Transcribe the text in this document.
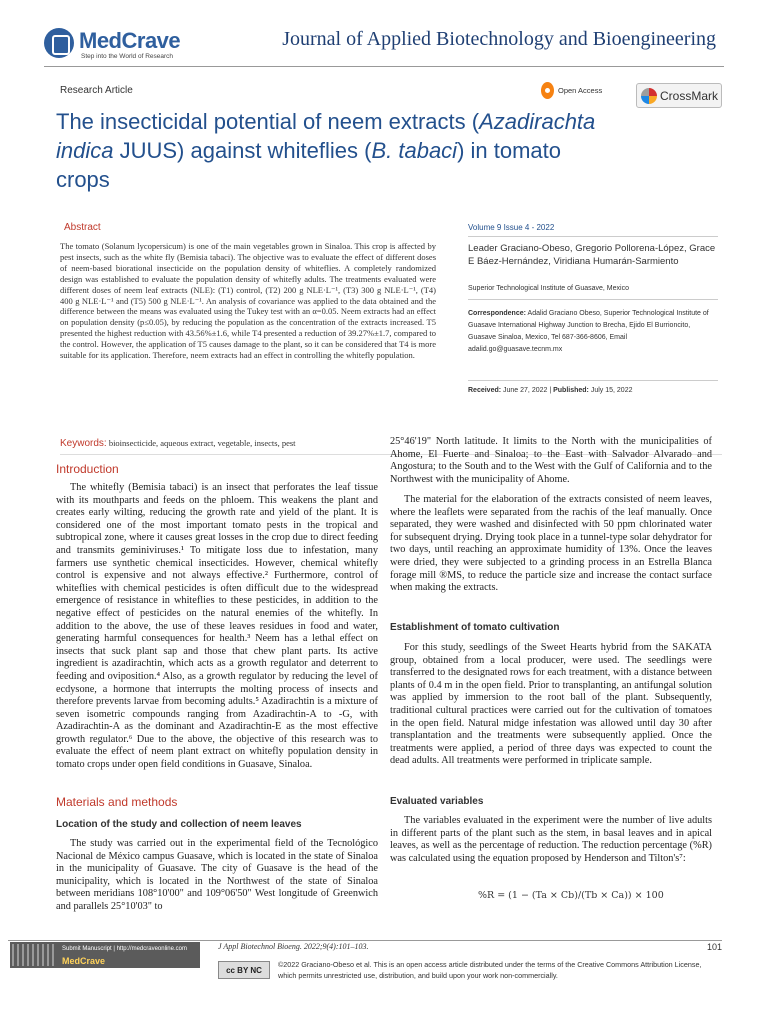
MedCrave
Step into the World of Research
Journal of Applied Biotechnology and Bioengineering
Research Article	Open Access	CrossMark
The insecticidal potential of neem extracts (Azadirachta indica JUUS) against whiteflies (B. tabaci) in tomato crops
Abstract
The tomato (Solanum lycopersicum) is one of the main vegetables grown in Sinaloa. This crop is affected by pest insects, such as the white fly (Bemisia tabaci). The objective was to evaluate the effect of different doses of neem-based biorational insecticide on the population density of whiteflies. A completely randomized design was established to evaluate the population density of whitefly adults. The treatments evaluated were different doses of neem leaf extracts (NLE): (T1) control, (T2) 200 g NLE·L⁻¹, (T3) 300 g NLE·L⁻¹, (T4) 400 g NLE·L⁻¹ and (T5) 500 g NLE·L⁻¹. An analysis of covariance was applied to the data obtained and the difference between the means was evaluated using the Tukey test with an α=0.05. Neem extracts had an effect on population density (p≤0.05), by reducing the population as the concentration of the extracts increased. T5 presented the highest reduction with 43.56%±1.6, while T4 presented a reduction of 39.27%±1.7, compared to the control. However, the application of T5 causes damage to the plant, so it can be considered that T4 is more suitable for its application. Therefore, neem extracts had an effect in controlling the whitefly population.
Keywords: bioinsecticide, aqueous extract, vegetable, insects, pest
Volume 9 Issue 4 - 2022
Leader Graciano-Obeso, Gregorio Pollorena-López, Grace E Báez-Hernández, Viridiana Humarán-Sarmiento
Superior Technological Institute of Guasave, Mexico
Correspondence: Adalid Graciano Obeso, Superior Technological Institute of Guasave International Highway Junction to Brecha, Ejido El Burrioncito, Guasave Sinaloa, Mexico, Tel 687-366-8606, Email adalid.go@guasave.tecnm.mx
Received: June 27, 2022 | Published: July 15, 2022
Introduction

The whitefly (Bemisia tabaci) is an insect that perforates the leaf tissue with its mouthparts and feeds on the phloem. This weakens the plant and creates early wilting, reducing the growth rate and yield of the plant. It is considered one of the most important tomato pests in the tropical and subtropical zone, where it causes great losses in the crop due to direct feeding and transmits geminiviruses.¹ To mitigate loss due to infestation, many farmers use synthetic chemical insecticides. However, chemical whitefly control is expensive and not always effective.² Furthermore, control of whiteflies with chemical pesticides is often difficult due to the widespread emergence of resistance in whiteflies to these pesticides, in addition to the negative effect of pesticides on the natural enemies of the whitefly. In addition to the above, the use of these leaves residues in food and water, generating harmful consequences for health.³ Neem has a lethal effect on insects that suck plant sap and those that chew plant parts. Its active ingredient is azadirachtin, which acts as a growth regulator and deterrent to feeding and oviposition.⁴ Also, as a growth regulator by reducing the level of ecdysone, a hormone that interrupts the molting process of insects and therefore prevents larvae from becoming adults.⁵ Azadirachtin is a mixture of seven isometric compounds ranging from Azadirachtin-A to -G, with Azadirachtin-A as the dominant and Azadirachtin-E as the most effective growth regulator.⁶ Due to the above, the objective of this research was to evaluate the effect of neem plant extract on whitefly population density in tomato crops under open field conditions in Guasave, Sinaloa.

Materials and methods
Location of the study and collection of neem leaves

The study was carried out in the experimental field of the Tecnológico Nacional de México campus Guasave, which is located in the state of Sinaloa in the municipality of Guasave. The city of Guasave is the head of the municipality, which is located in the Northwest of the state of Sinaloa between meridians 108°10'00" and 109°06'50" West longitude of Greenwich and parallels 25°10'03" to

25°46'19" North latitude. It limits to the North with the municipalities of Ahome, El Fuerte and Sinaloa; to the East with Salvador Alvarado and Angostura; to the South and to the West with the Gulf of California and to the Northwest with the municipality of Ahome.

The material for the elaboration of the extracts consisted of neem leaves, where the leaflets were separated from the rachis of the leaf manually. Once separated, they were washed and disinfected with 50 ppm chlorinated water for subsequent drying. Drying took place in a tunnel-type solar dehydrator for two days, until reaching an approximate humidity of 13%. Once the leaves were dried, they were subjected to a grinding process in an Estrella Blanca forage mill ®MS, to reduce the particle size and increase the contact surface when making the extracts.

Establishment of tomato cultivation

For this study, seedlings of the Sweet Hearts hybrid from the SAKATA group, obtained from a local producer, were used. The seedlings were transferred to the designated rows for each treatment, with a distance between plants of 0.4 m in the open field. Prior to transplanting, an antifungal solution was applied by immersion to the root ball of the plant. Subsequently, traditional cultural practices were carried out for the cultivation of tomatoes in the open field. Natural midge infestation was allowed until day 30 after transplantation and the treatments were subsequently applied. Once the treatments were applied, a period of three days was expected to count the dead adults. All treatments were performed in triplicate sample.

Evaluated variables

The variables evaluated in the experiment were the number of live adults in different parts of the plant such as the stem, in basal leaves and in apical leaves, as well as the percentage of reduction. The reduction percentage (%R) was calculated using the equation proposed by Henderson and Tilton's⁷:

%R = (1 − (Ta × Cb)/(Tb × Ca)) × 100
Submit Manuscript | http://medcraveonline.com
MedCrave
J Appl Biotechnol Bioeng. 2022;9(4):101‒103.	101
cc BY NC
©2022 Graciano-Obeso et al. This is an open access article distributed under the terms of the Creative Commons Attribution License, which permits unrestricted use, distribution, and build upon your work non-commercially.
